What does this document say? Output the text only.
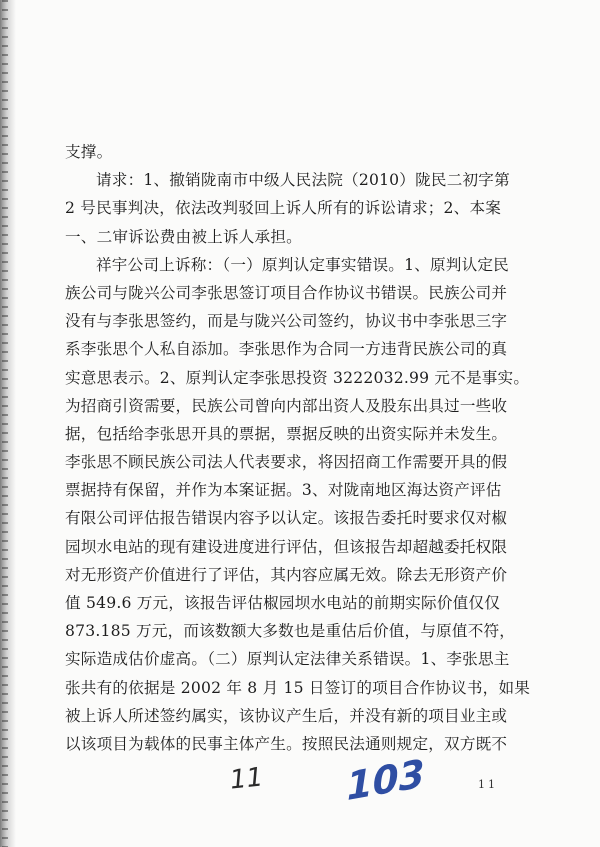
支撑。
请求：1、撤销陇南市中级人民法院（2010）陇民二初字第
2 号民事判决，依法改判驳回上诉人所有的诉讼请求；2、本案
一、二审诉讼费由被上诉人承担。
祥宇公司上诉称：（一）原判认定事实错误。1、原判认定民
族公司与陇兴公司李张思签订项目合作协议书错误。民族公司并
没有与李张思签约，而是与陇兴公司签约，协议书中李张思三字
系李张思个人私自添加。李张思作为合同一方违背民族公司的真
实意思表示。2、原判认定李张思投资 3222032.99 元不是事实。
为招商引资需要，民族公司曾向内部出资人及股东出具过一些收
据，包括给李张思开具的票据，票据反映的出资实际并未发生。
李张思不顾民族公司法人代表要求，将因招商工作需要开具的假
票据持有保留，并作为本案证据。3、对陇南地区海达资产评估
有限公司评估报告错误内容予以认定。该报告委托时要求仅对椒
园坝水电站的现有建设进度进行评估，但该报告却超越委托权限
对无形资产价值进行了评估，其内容应属无效。除去无形资产价
值 549.6 万元，该报告评估椒园坝水电站的前期实际价值仅仅
873.185 万元，而该数额大多数也是重估后价值，与原值不符，
实际造成估价虚高。（二）原判认定法律关系错误。1、李张思主
张共有的依据是 2002 年 8 月 15 日签订的项目合作协议书，如果
被上诉人所述签约属实，该协议产生后，并没有新的项目业主或
以该项目为载体的民事主体产生。按照民法通则规定，双方既不
11 103	11
